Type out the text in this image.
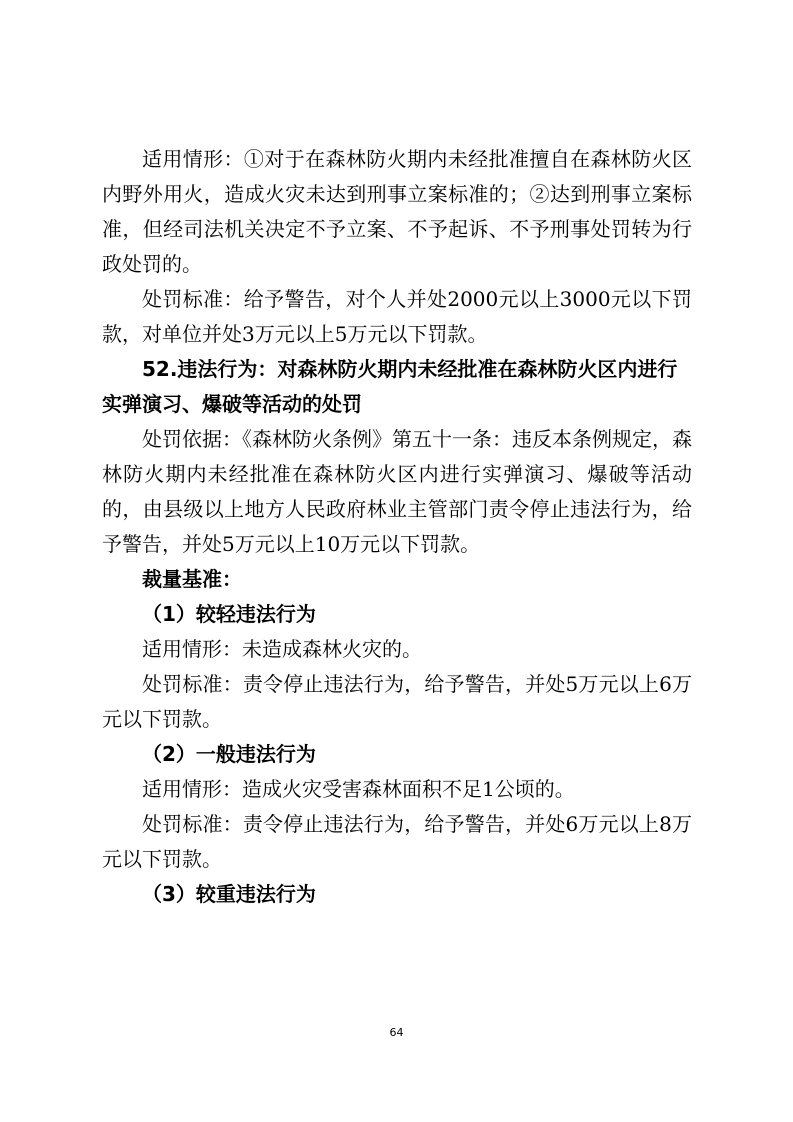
适用情形：①对于在森林防火期内未经批准擅自在森林防火区内野外用火，造成火灾未达到刑事立案标准的；②达到刑事立案标准，但经司法机关决定不予立案、不予起诉、不予刑事处罚转为行政处罚的。

处罚标准：给予警告，对个人并处2000元以上3000元以下罚款，对单位并处3万元以上5万元以下罚款。

52.违法行为：对森林防火期内未经批准在森林防火区内进行实弹演习、爆破等活动的处罚

处罚依据：《森林防火条例》第五十一条：违反本条例规定，森林防火期内未经批准在森林防火区内进行实弹演习、爆破等活动的，由县级以上地方人民政府林业主管部门责令停止违法行为，给予警告，并处5万元以上10万元以下罚款。

裁量基准：

（1）较轻违法行为

适用情形：未造成森林火灾的。

处罚标准：责令停止违法行为，给予警告，并处5万元以上6万元以下罚款。

（2）一般违法行为

适用情形：造成火灾受害森林面积不足1公顷的。

处罚标准：责令停止违法行为，给予警告，并处6万元以上8万元以下罚款。

（3）较重违法行为

64
